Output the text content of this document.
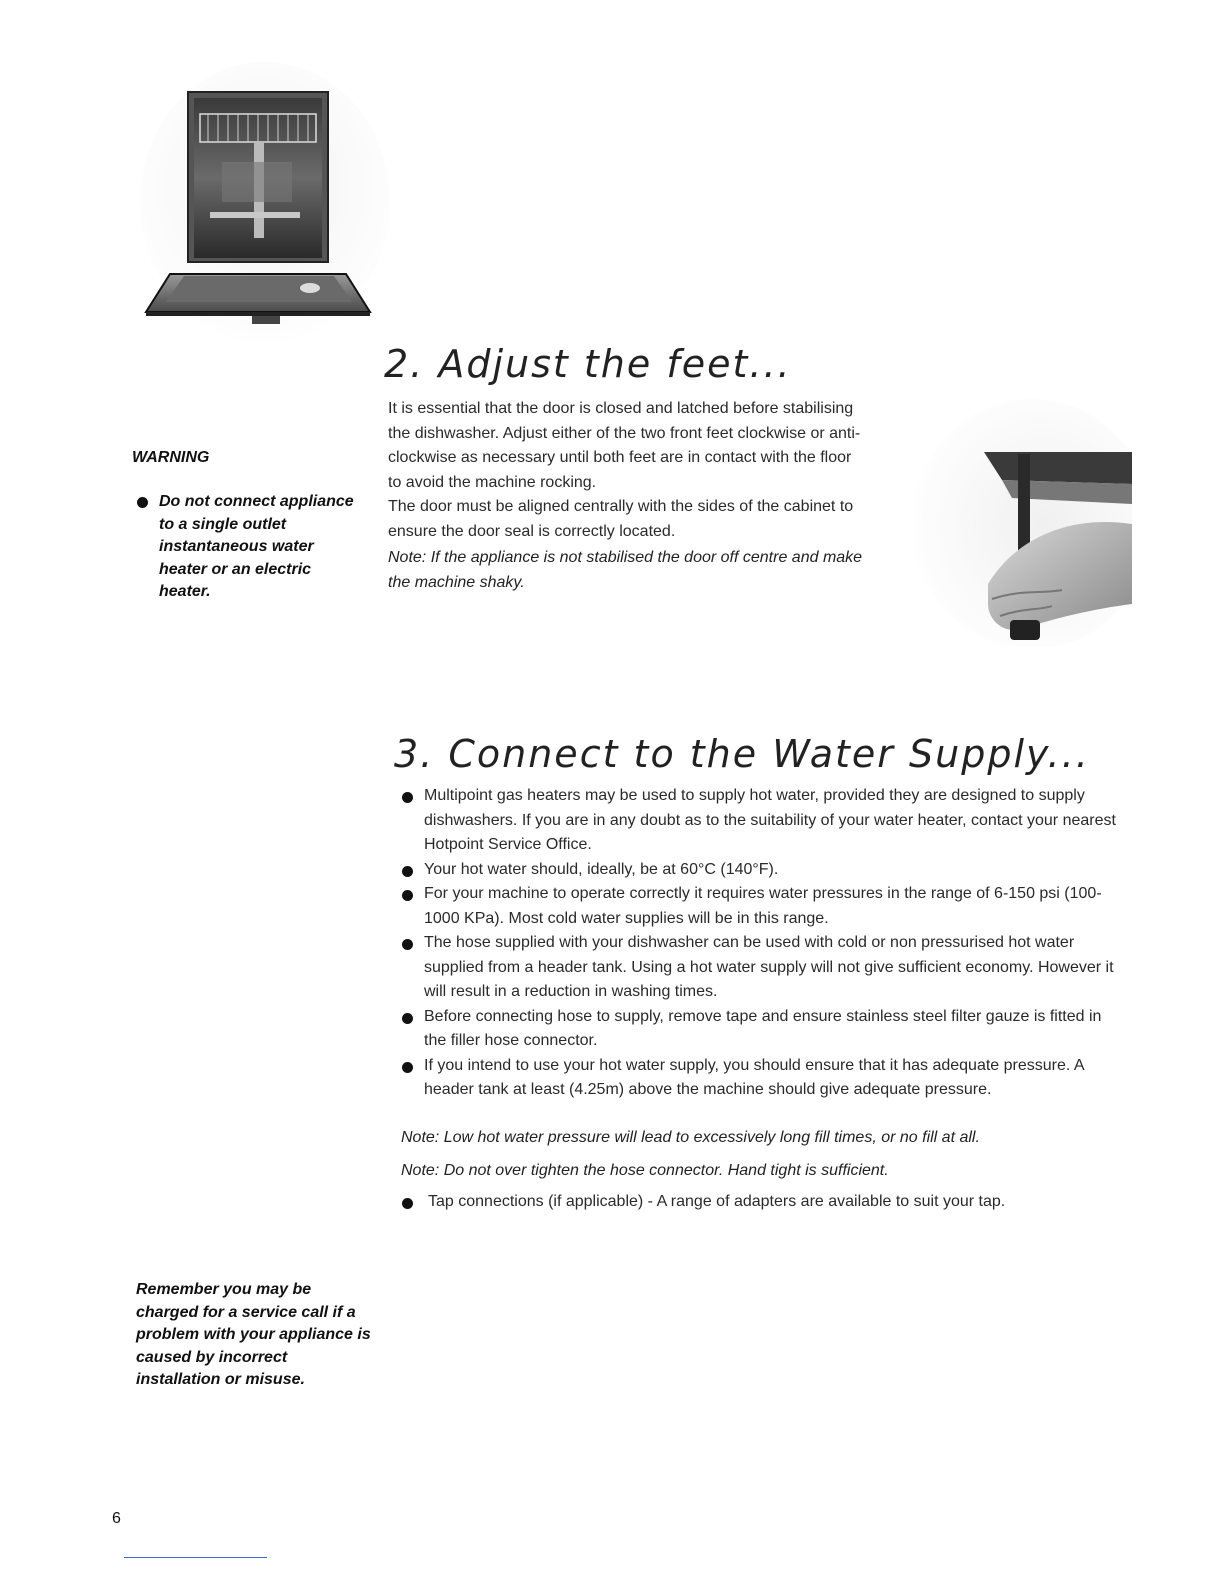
2. Adjust the feet...

It is essential that the door is closed and latched before stabilising the dishwasher. Adjust either of the two front feet clockwise or anti-clockwise as necessary until both feet are in contact with the floor to avoid the machine rocking.

The door must be aligned centrally with the sides of the cabinet to ensure the door seal is correctly located.

Note: If the appliance is not stabilised the door off centre and make the machine shaky.

WARNING
Do not connect appliance to a single outlet instantaneous water heater or an electric heater.
3. Connect to the Water Supply...
Multipoint gas heaters may be used to supply hot water, provided they are designed to supply dishwashers. If you are in any doubt as to the suitability of your water heater, contact your nearest Hotpoint Service Office.
Your hot water should, ideally, be at 60°C (140°F).
For your machine to operate correctly it requires water pressures in the range of 6-150 psi (100-1000 KPa). Most cold water supplies will be in this range.
The hose supplied with your dishwasher can be used with cold or non pressurised hot water supplied from a header tank. Using a hot water supply will not give sufficient economy. However it will result in a reduction in washing times.
Before connecting hose to supply, remove tape and ensure stainless steel filter gauze is fitted in the filler hose connector.
If you intend to use your hot water supply, you should ensure that it has adequate pressure. A header tank at least (4.25m) above the machine should give adequate pressure.

Note: Low hot water pressure will lead to excessively long fill times, or no fill at all.

Note: Do not over tighten the hose connector. Hand tight is sufficient.

Tap connections (if applicable) - A range of adapters are available to suit your tap.
Remember you may be charged for a service call if a problem with your appliance is caused by incorrect installation or misuse.
6
